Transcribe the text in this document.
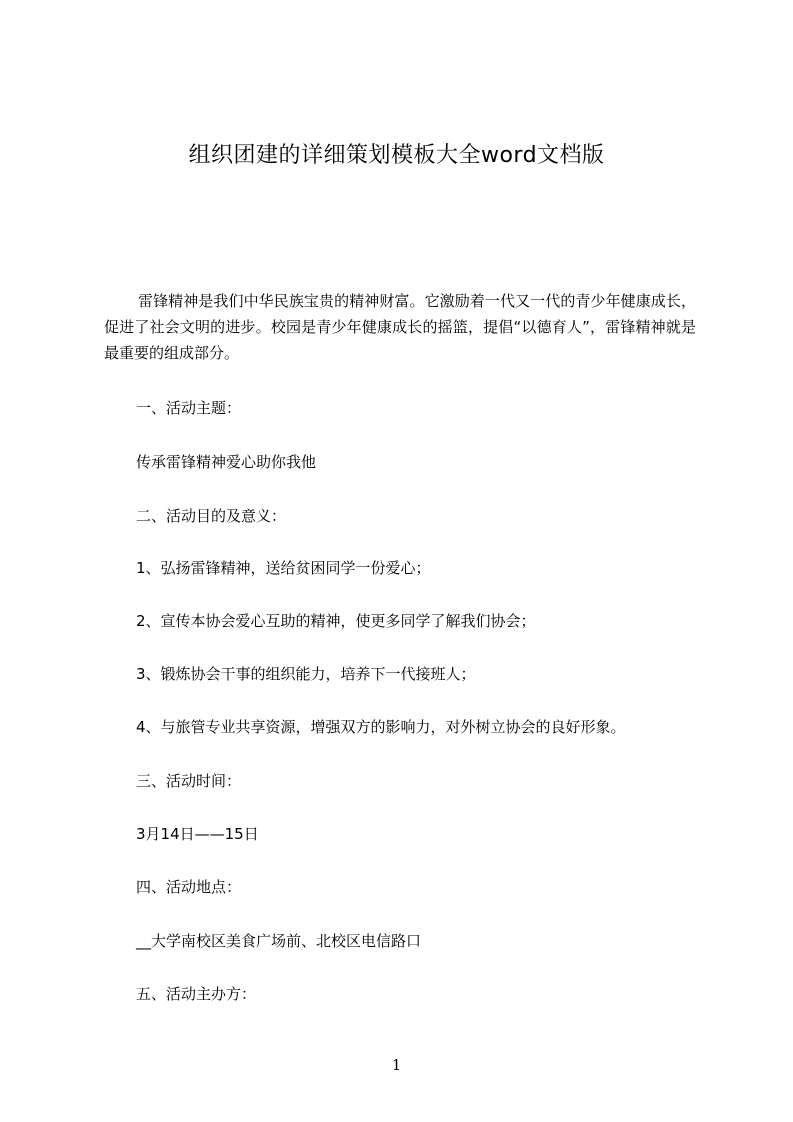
组织团建的详细策划模板大全word文档版

雷锋精神是我们中华民族宝贵的精神财富。它激励着一代又一代的青少年健康成长，促进了社会文明的进步。校园是青少年健康成长的摇篮，提倡“以德育人”，雷锋精神就是最重要的组成部分。

一、活动主题：

传承雷锋精神爱心助你我他

二、活动目的及意义：

1、弘扬雷锋精神，送给贫困同学一份爱心；

2、宣传本协会爱心互助的精神，使更多同学了解我们协会；

3、锻炼协会干事的组织能力，培养下一代接班人；

4、与旅管专业共享资源，增强双方的影响力，对外树立协会的良好形象。

三、活动时间：

3月14日——15日

四、活动地点：

__大学南校区美食广场前、北校区电信路口

五、活动主办方：

1
